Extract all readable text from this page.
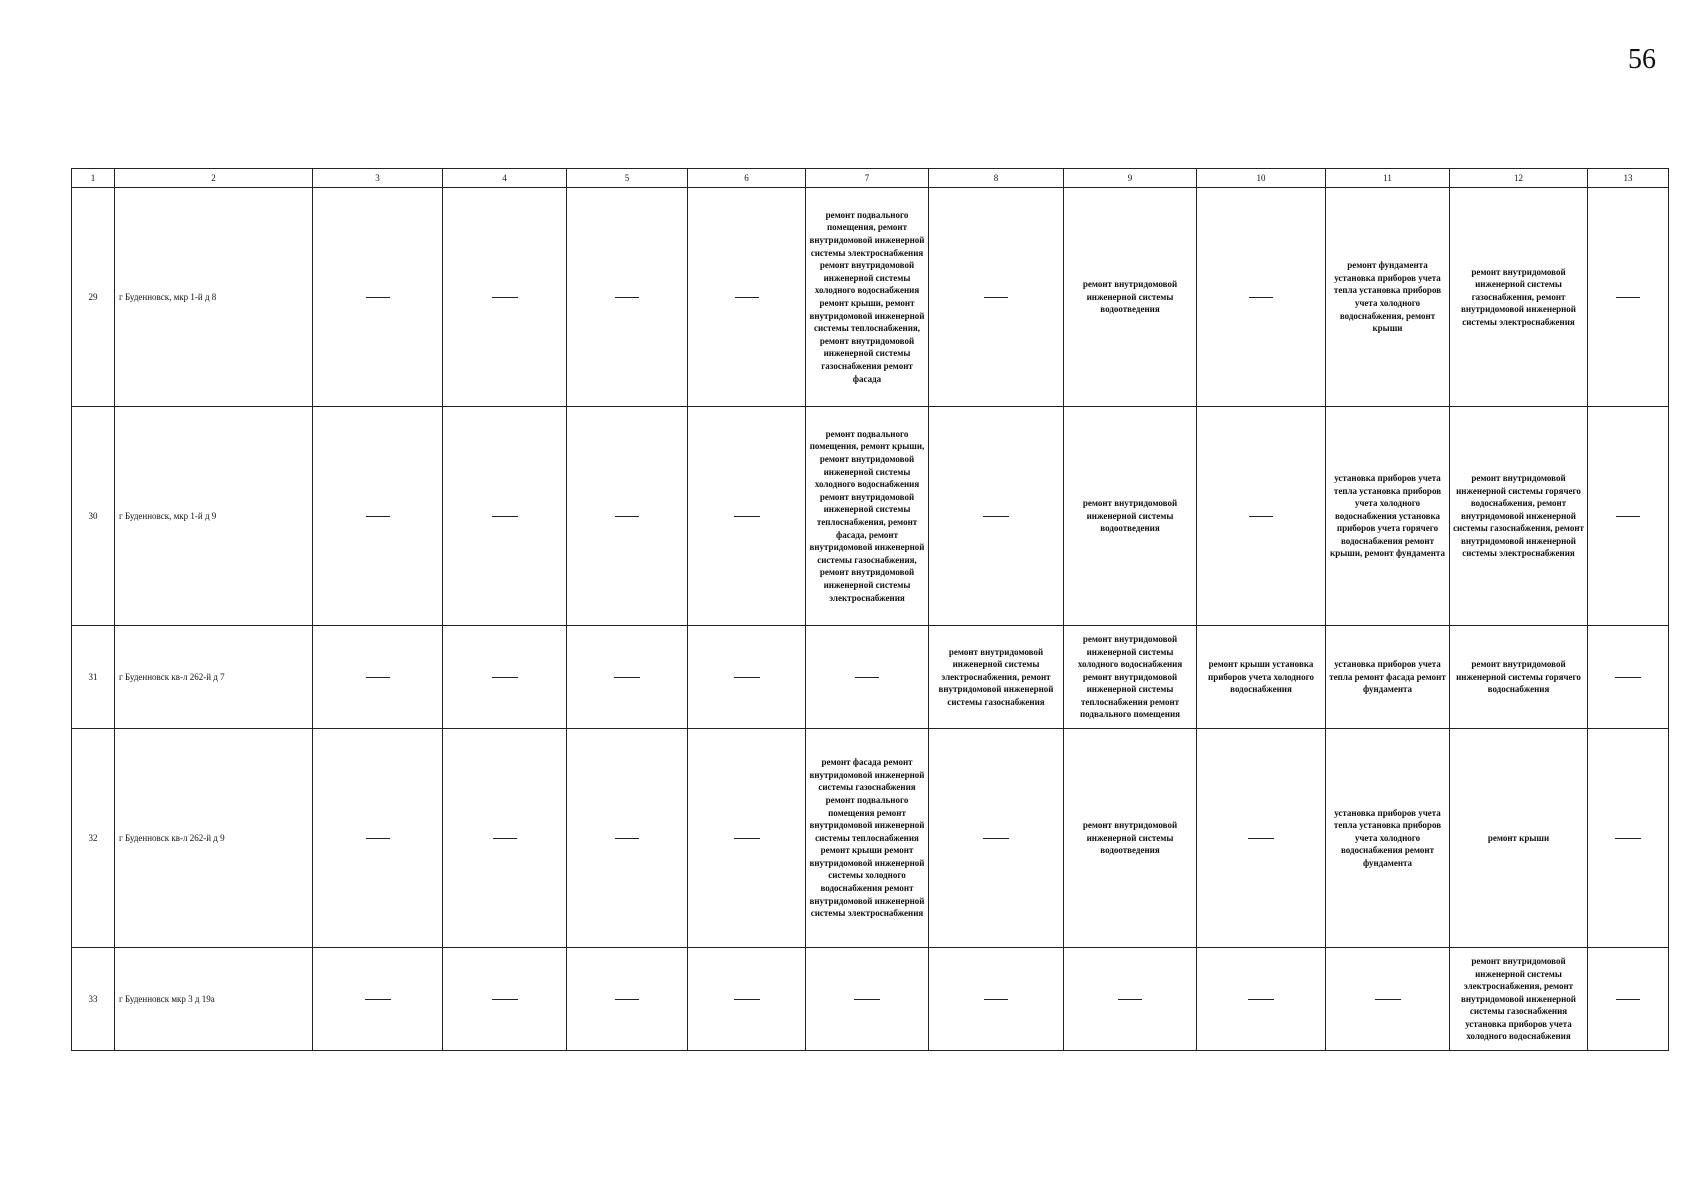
56
1	2	3	4	5	6	7	8	9	10	11	12	13
29	г Буденновск, мкр 1-й д 8					ремонт подвального помещения, ремонт внутридомовой инженерной системы электроснабжения ремонт внутридомовой инженерной системы холодного водоснабжения ремонт крыши, ремонт внутридомовой инженерной системы теплоснабжения, ремонт внутридомовой инженерной системы газоснабжения ремонт фасада		ремонт внутридомовой инженерной системы водоотведения		ремонт фундамента установка приборов учета тепла установка приборов учета холодного водоснабжения, ремонт крыши	ремонт внутридомовой инженерной системы газоснабжения, ремонт внутридомовой инженерной системы электроснабжения	
30	г Буденновск, мкр 1-й д 9					ремонт подвального помещения, ремонт крыши, ремонт внутридомовой инженерной системы холодного водоснабжения ремонт внутридомовой инженерной системы теплоснабжения, ремонт фасада, ремонт внутридомовой инженерной системы газоснабжения, ремонт внутридомовой инженерной системы электроснабжения		ремонт внутридомовой инженерной системы водоотведения		установка приборов учета тепла установка приборов учета холодного водоснабжения установка приборов учета горячего водоснабжения ремонт крыши, ремонт фундамента	ремонт внутридомовой инженерной системы горячего водоснабжения, ремонт внутридомовой инженерной системы газоснабжения, ремонт внутридомовой инженерной системы электроснабжения	
31	г Буденновск кв-л 262-й д 7						ремонт внутридомовой инженерной системы электроснабжения, ремонт внутридомовой инженерной системы газоснабжения	ремонт внутридомовой инженерной системы холодного водоснабжения ремонт внутридомовой инженерной системы теплоснабжения ремонт подвального помещения	ремонт крыши установка приборов учета холодного водоснабжения	установка приборов учета тепла ремонт фасада ремонт фундамента	ремонт внутридомовой инженерной системы горячего водоснабжения	
32	г Буденновск кв-л 262-й д 9					ремонт фасада ремонт внутридомовой инженерной системы газоснабжения ремонт подвального помещения ремонт внутридомовой инженерной системы теплоснабжения ремонт крыши ремонт внутридомовой инженерной системы холодного водоснабжения ремонт внутридомовой инженерной системы электроснабжения		ремонт внутридомовой инженерной системы водоотведения		установка приборов учета тепла установка приборов учета холодного водоснабжения ремонт фундамента	ремонт крыши	
33	г Буденновск мкр 3 д 19а										ремонт внутридомовой инженерной системы электроснабжения, ремонт внутридомовой инженерной системы газоснабжения установка приборов учета холодного водоснабжения	
